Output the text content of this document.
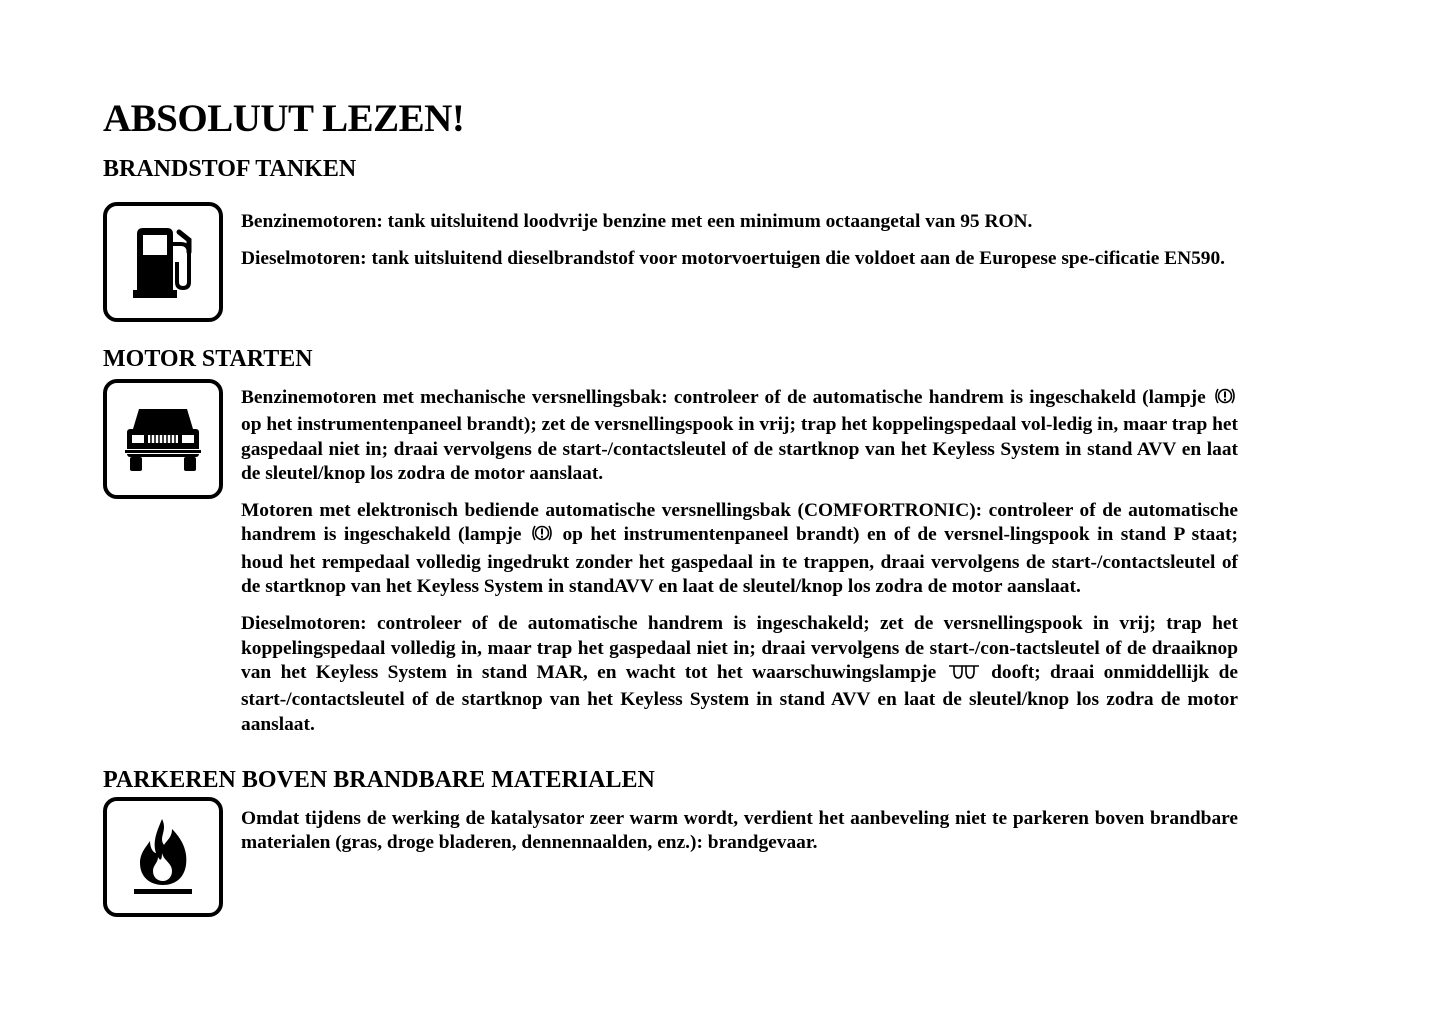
ABSOLUUT LEZEN!
BRANDSTOF TANKEN

Benzinemotoren: tank uitsluitend loodvrije benzine met een minimum octaangetal van 95 RON.

Dieselmotoren: tank uitsluitend dieselbrandstof voor motorvoertuigen die voldoet aan de Europese spe-cificatie EN590.

MOTOR STARTEN

Benzinemotoren met mechanische versnellingsbak: controleer of de automatische handrem is ingeschakeld (lampje  op het instrumentenpaneel brandt); zet de versnellingspook in vrij; trap het koppelingspedaal vol-ledig in, maar trap het gaspedaal niet in; draai vervolgens de start-/contactsleutel of de startknop van het Keyless System in stand AVV en laat de sleutel/knop los zodra de motor aanslaat.

Motoren met elektronisch bediende automatische versnellingsbak (COMFORTRONIC): controleer of de automatische handrem is ingeschakeld (lampje op het instrumentenpaneel brandt) en of de versnel-lingspook in stand P staat; houd het rempedaal volledig ingedrukt zonder het gaspedaal in te trappen, draai vervolgens de start-/contactsleutel of de startknop van het Keyless System in standAVV en laat de sleutel/knop los zodra de motor aanslaat.

Dieselmotoren: controleer of de automatische handrem is ingeschakeld; zet de versnellingspook in vrij; trap het koppelingspedaal volledig in, maar trap het gaspedaal niet in; draai vervolgens de start-/con-tactsleutel of de draaiknop van het Keyless System in stand MAR, en wacht tot het waarschuwingslampje	dooft; draai onmiddellijk de start-/contactsleutel of de startknop van het Keyless System in stand AVV en laat de sleutel/knop los zodra de motor aanslaat.

PARKEREN BOVEN BRANDBARE MATERIALEN

Omdat tijdens de werking de katalysator zeer warm wordt, verdient het aanbeveling niet te parkeren boven brandbare materialen (gras, droge bladeren, dennennaalden, enz.): brandgevaar.
